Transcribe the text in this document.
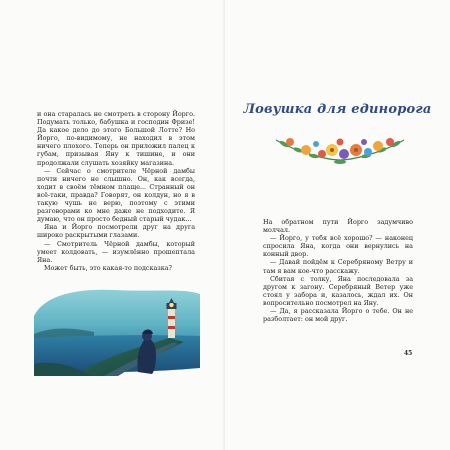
и она старалась не смотреть в сторону Йорго. Подумать только, бабушка и господин Фризе! Да какое дело до этого Большой Лотте? Но Йорго, по-видимому, не находил в этом ничего плохого. Теперь он приложил палец к губам, призывая Яну к тишине, и они продолжали слушать хозяйку магазина.

— Сейчас о смотрителе Чёрной дамбы почти ничего не слышно. Он, как всегда, ходит в своём тёмном плаще... Странный он всё-таки, правда? Говорят, он колдун, но я в такую чушь не верю, поэтому с этими разговорами ко мне даже не подходите. Я думаю, что он просто бедный старый чудак...

Яна и Йорго посмотрели друг на друга широко раскрытыми глазами.

— Смотритель Чёрной дамбы, который умеет колдовать, — изумлённо прошептала Яна.

Может быть, это какая-то подсказка?

Ловушка для единорога

На обратном пути Йорго задумчиво молчал.

— Йорго, у тебя всё хорошо? — наконец спросила Яна, когда они вернулись на конный двор.

— Давай пойдём к Серебряному Ветру и там я вам кое-что расскажу.

Сбитая с толку, Яна последовала за другом к загону. Серебряный Ветер уже стоял у забора и, казалось, ждал их. Он вопросительно посмотрел на Яну.

— Да, я рассказала Йорго о тебе. Он не разболтает: он мой друг.

45
